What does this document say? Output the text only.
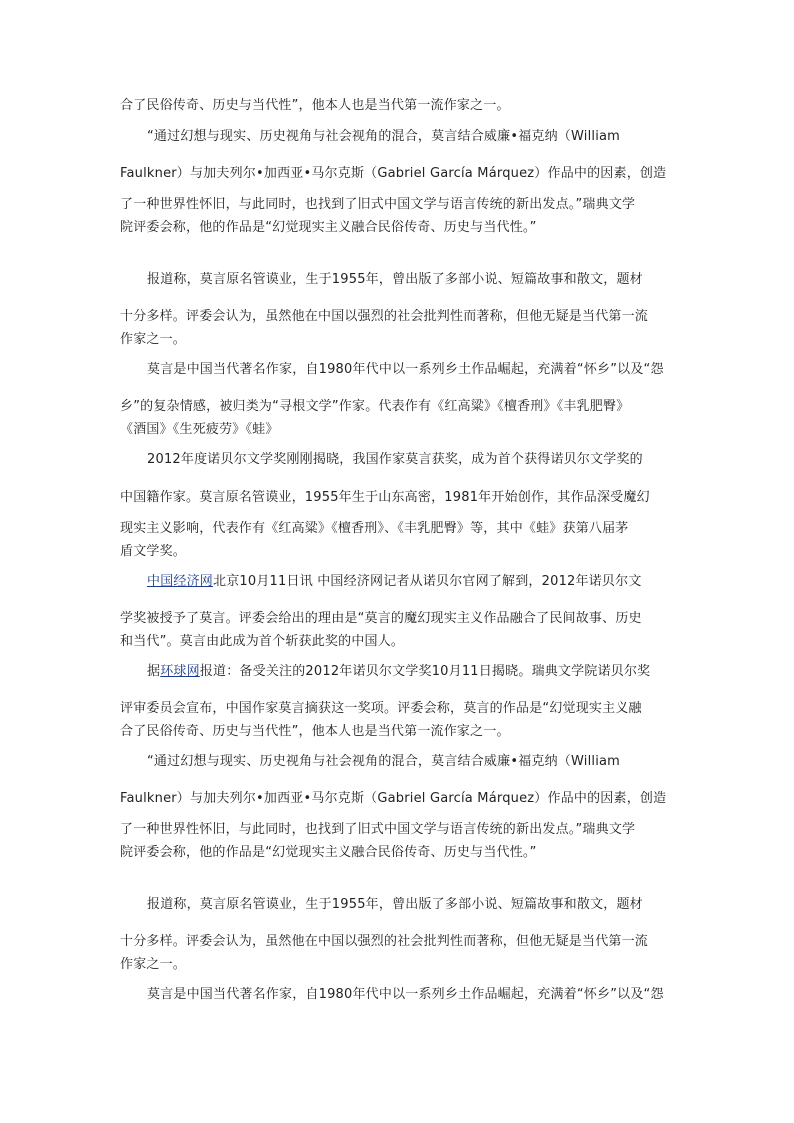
合了民俗传奇、历史与当代性”，他本人也是当代第一流作家之一。

“通过幻想与现实、历史视角与社会视角的混合，莫言结合威廉•福克纳（William
Faulkner）与加夫列尔•加西亚•马尔克斯（Gabriel García Márquez）作品中的因素，创造
了一种世界性怀旧，与此同时，也找到了旧式中国文学与语言传统的新出发点。”瑞典文学
院评委会称，他的作品是“幻觉现实主义融合民俗传奇、历史与当代性。”

报道称，莫言原名管谟业，生于1955年，曾出版了多部小说、短篇故事和散文，题材
十分多样。评委会认为，虽然他在中国以强烈的社会批判性而著称，但他无疑是当代第一流
作家之一。

莫言是中国当代著名作家，自1980年代中以一系列乡土作品崛起，充满着“怀乡”以及“怨
乡”的复杂情感，被归类为“寻根文学”作家。代表作有《红高粱》《檀香刑》《丰乳肥臀》
《酒国》《生死疲劳》《蛙》

2012年度诺贝尔文学奖刚刚揭晓，我国作家莫言获奖，成为首个获得诺贝尔文学奖的
中国籍作家。莫言原名管谟业，1955年生于山东高密，1981年开始创作，其作品深受魔幻
现实主义影响，代表作有《红高粱》《檀香刑》、《丰乳肥臀》等，其中《蛙》获第八届茅
盾文学奖。

中国经济网北京10月11日讯 中国经济网记者从诺贝尔官网了解到，2012年诺贝尔文
学奖被授予了莫言。评委会给出的理由是“莫言的魔幻现实主义作品融合了民间故事、历史
和当代”。莫言由此成为首个斩获此奖的中国人。

据环球网报道：备受关注的2012年诺贝尔文学奖10月11日揭晓。瑞典文学院诺贝尔奖
评审委员会宣布，中国作家莫言摘获这一奖项。评委会称，莫言的作品是“幻觉现实主义融
合了民俗传奇、历史与当代性”，他本人也是当代第一流作家之一。

“通过幻想与现实、历史视角与社会视角的混合，莫言结合威廉•福克纳（William
Faulkner）与加夫列尔•加西亚•马尔克斯（Gabriel García Márquez）作品中的因素，创造
了一种世界性怀旧，与此同时，也找到了旧式中国文学与语言传统的新出发点。”瑞典文学
院评委会称，他的作品是“幻觉现实主义融合民俗传奇、历史与当代性。”

报道称，莫言原名管谟业，生于1955年，曾出版了多部小说、短篇故事和散文，题材
十分多样。评委会认为，虽然他在中国以强烈的社会批判性而著称，但他无疑是当代第一流
作家之一。

莫言是中国当代著名作家，自1980年代中以一系列乡土作品崛起，充满着“怀乡”以及“怨
